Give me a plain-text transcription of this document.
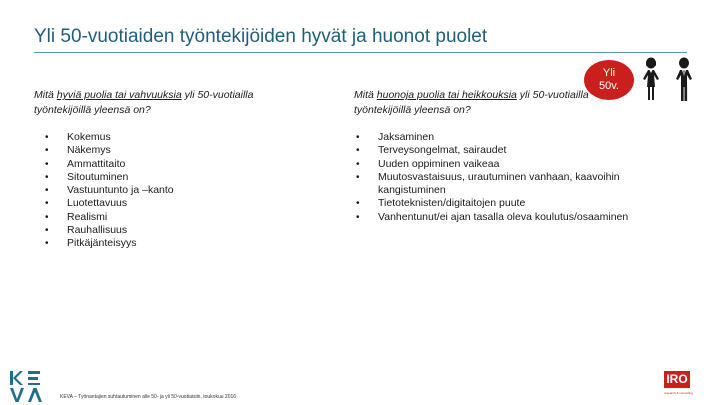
Yli 50-vuotiaiden työntekijöiden hyvät ja huonot puolet
Mitä hyviä puolia tai vahvuuksia yli 50-vuotiailla työntekijöillä yleensä on?
Mitä huonoja puolia tai heikkouksia yli 50-vuotiailla työntekijöillä yleensä on?
• Kokemus
• Näkemys
• Ammattitaito
• Sitoutuminen
• Vastuuntunto ja –kanto
• Luotettavuus
• Realismi
• Rauhallisuus
• Pitkäjänteisyys
• Jaksaminen
• Terveysongelmat, sairaudet
• Uuden oppiminen vaikeaa
• Muutosvastaisuus, urautuminen vanhaan, kaavoihin kangistuminen
• Tietoteknisten/digitaitojen puute
• Vanhentunut/ei ajan tasalla oleva koulutus/osaaminen
Yli
50v.
KEVA – Työnantajien suhtautuminen alle 50- ja yli 50-vuotiaisiin, toukokuu 2016
IRO
research & consulting
